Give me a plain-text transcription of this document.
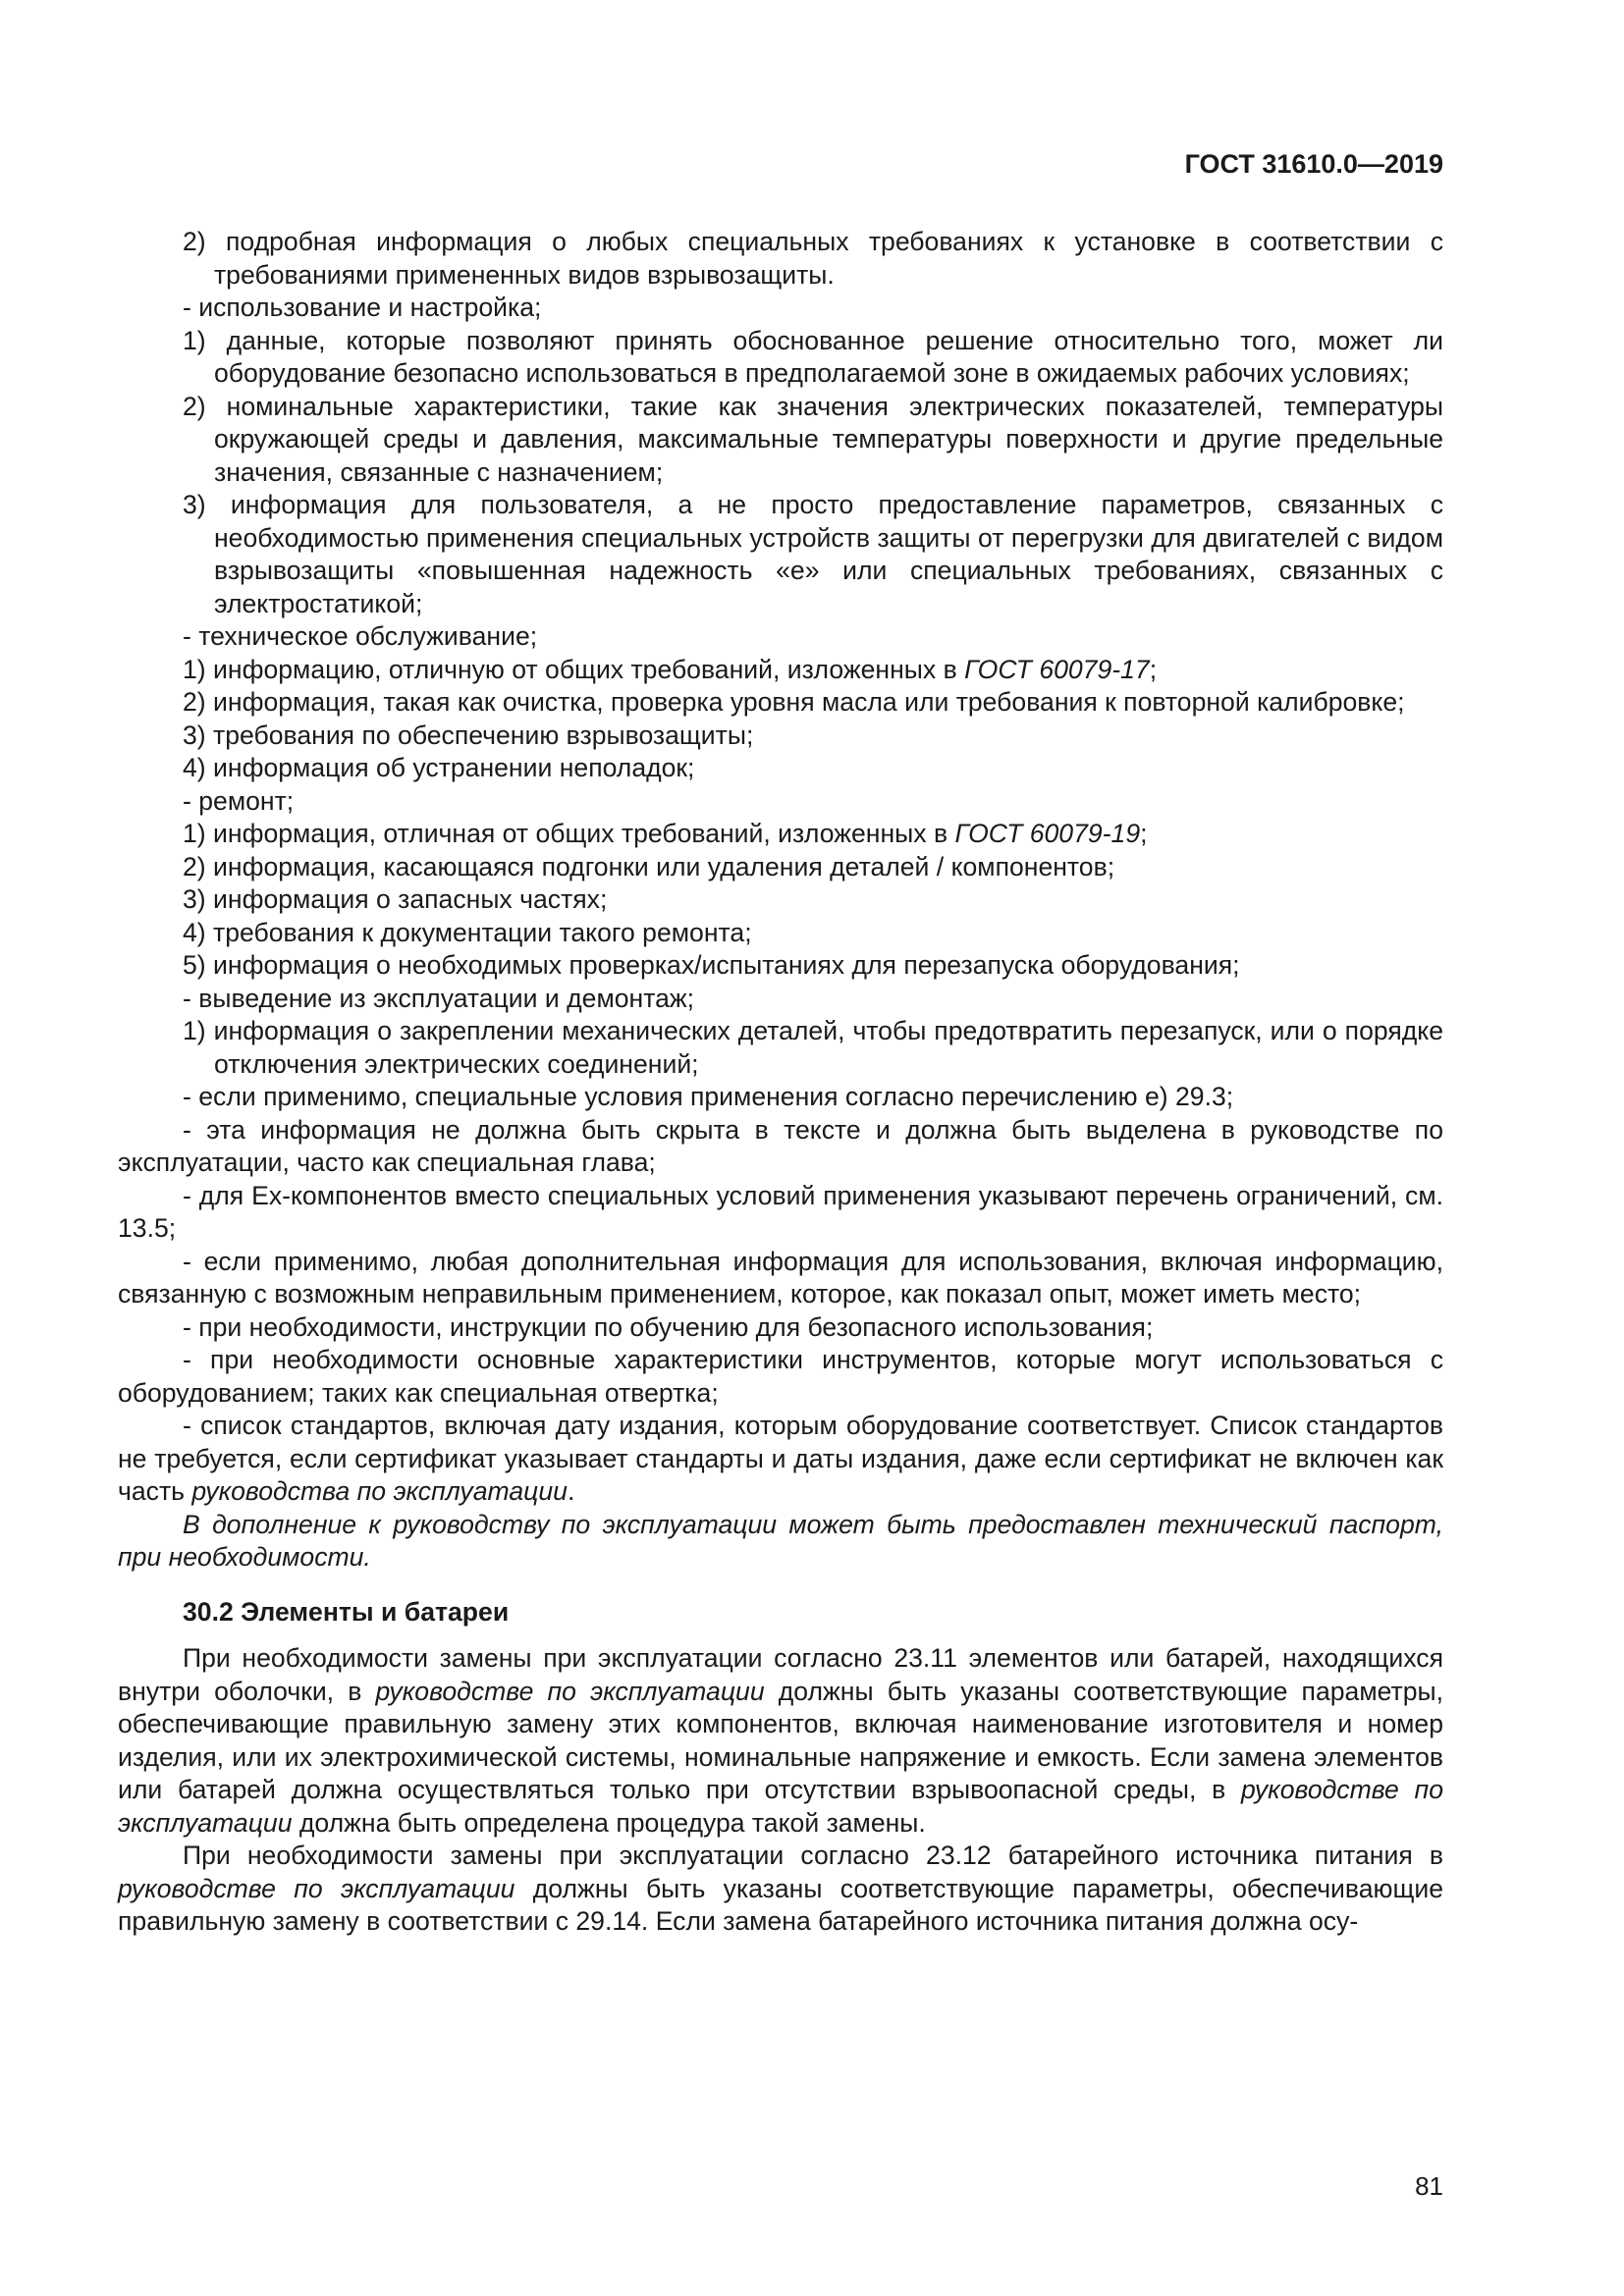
ГОСТ 31610.0—2019

2) подробная информация о любых специальных требованиях к установке в соответствии с требованиями примененных видов взрывозащиты.

- использование и настройка;

1) данные, которые позволяют принять обоснованное решение относительно того, может ли оборудование безопасно использоваться в предполагаемой зоне в ожидаемых рабочих условиях;

2) номинальные характеристики, такие как значения электрических показателей, температуры окружающей среды и давления, максимальные температуры поверхности и другие предельные значения, связанные с назначением;

3) информация для пользователя, а не просто предоставление параметров, связанных с необходимостью применения специальных устройств защиты от перегрузки для двигателей с видом взрывозащиты «повышенная надежность «е» или специальных требованиях, связанных с электростатикой;

- техническое обслуживание;

1) информацию, отличную от общих требований, изложенных в ГОСТ 60079-17;

2) информация, такая как очистка, проверка уровня масла или требования к повторной калибровке;

3) требования по обеспечению взрывозащиты;

4) информация об устранении неполадок;

- ремонт;

1) информация, отличная от общих требований, изложенных в ГОСТ 60079-19;

2) информация, касающаяся подгонки или удаления деталей / компонентов;

3) информация о запасных частях;

4) требования к документации такого ремонта;

5) информация о необходимых проверках/испытаниях для перезапуска оборудования;

- выведение из эксплуатации и демонтаж;

1) информация о закреплении механических деталей, чтобы предотвратить перезапуск, или о порядке отключения электрических соединений;

- если применимо, специальные условия применения согласно перечислению е) 29.3;

- эта информация не должна быть скрыта в тексте и должна быть выделена в руководстве по эксплуатации, часто как специальная глава;

- для Ex-компонентов вместо специальных условий применения указывают перечень ограничений, см. 13.5;

- если применимо, любая дополнительная информация для использования, включая информацию, связанную с возможным неправильным применением, которое, как показал опыт, может иметь место;

- при необходимости, инструкции по обучению для безопасного использования;

- при необходимости основные характеристики инструментов, которые могут использоваться с оборудованием; таких как специальная отвертка;

- список стандартов, включая дату издания, которым оборудование соответствует. Список стандартов не требуется, если сертификат указывает стандарты и даты издания, даже если сертификат не включен как часть руководства по эксплуатации.

В дополнение к руководству по эксплуатации может быть предоставлен технический паспорт, при необходимости.

30.2 Элементы и батареи

При необходимости замены при эксплуатации согласно 23.11 элементов или батарей, находящихся внутри оболочки, в руководстве по эксплуатации должны быть указаны соответствующие параметры, обеспечивающие правильную замену этих компонентов, включая наименование изготовителя и номер изделия, или их электрохимической системы, номинальные напряжение и емкость. Если замена элементов или батарей должна осуществляться только при отсутствии взрывоопасной среды, в руководстве по эксплуатации должна быть определена процедура такой замены.

При необходимости замены при эксплуатации согласно 23.12 батарейного источника питания в руководстве по эксплуатации должны быть указаны соответствующие параметры, обеспечивающие правильную замену в соответствии с 29.14. Если замена батарейного источника питания должна осу-

81
